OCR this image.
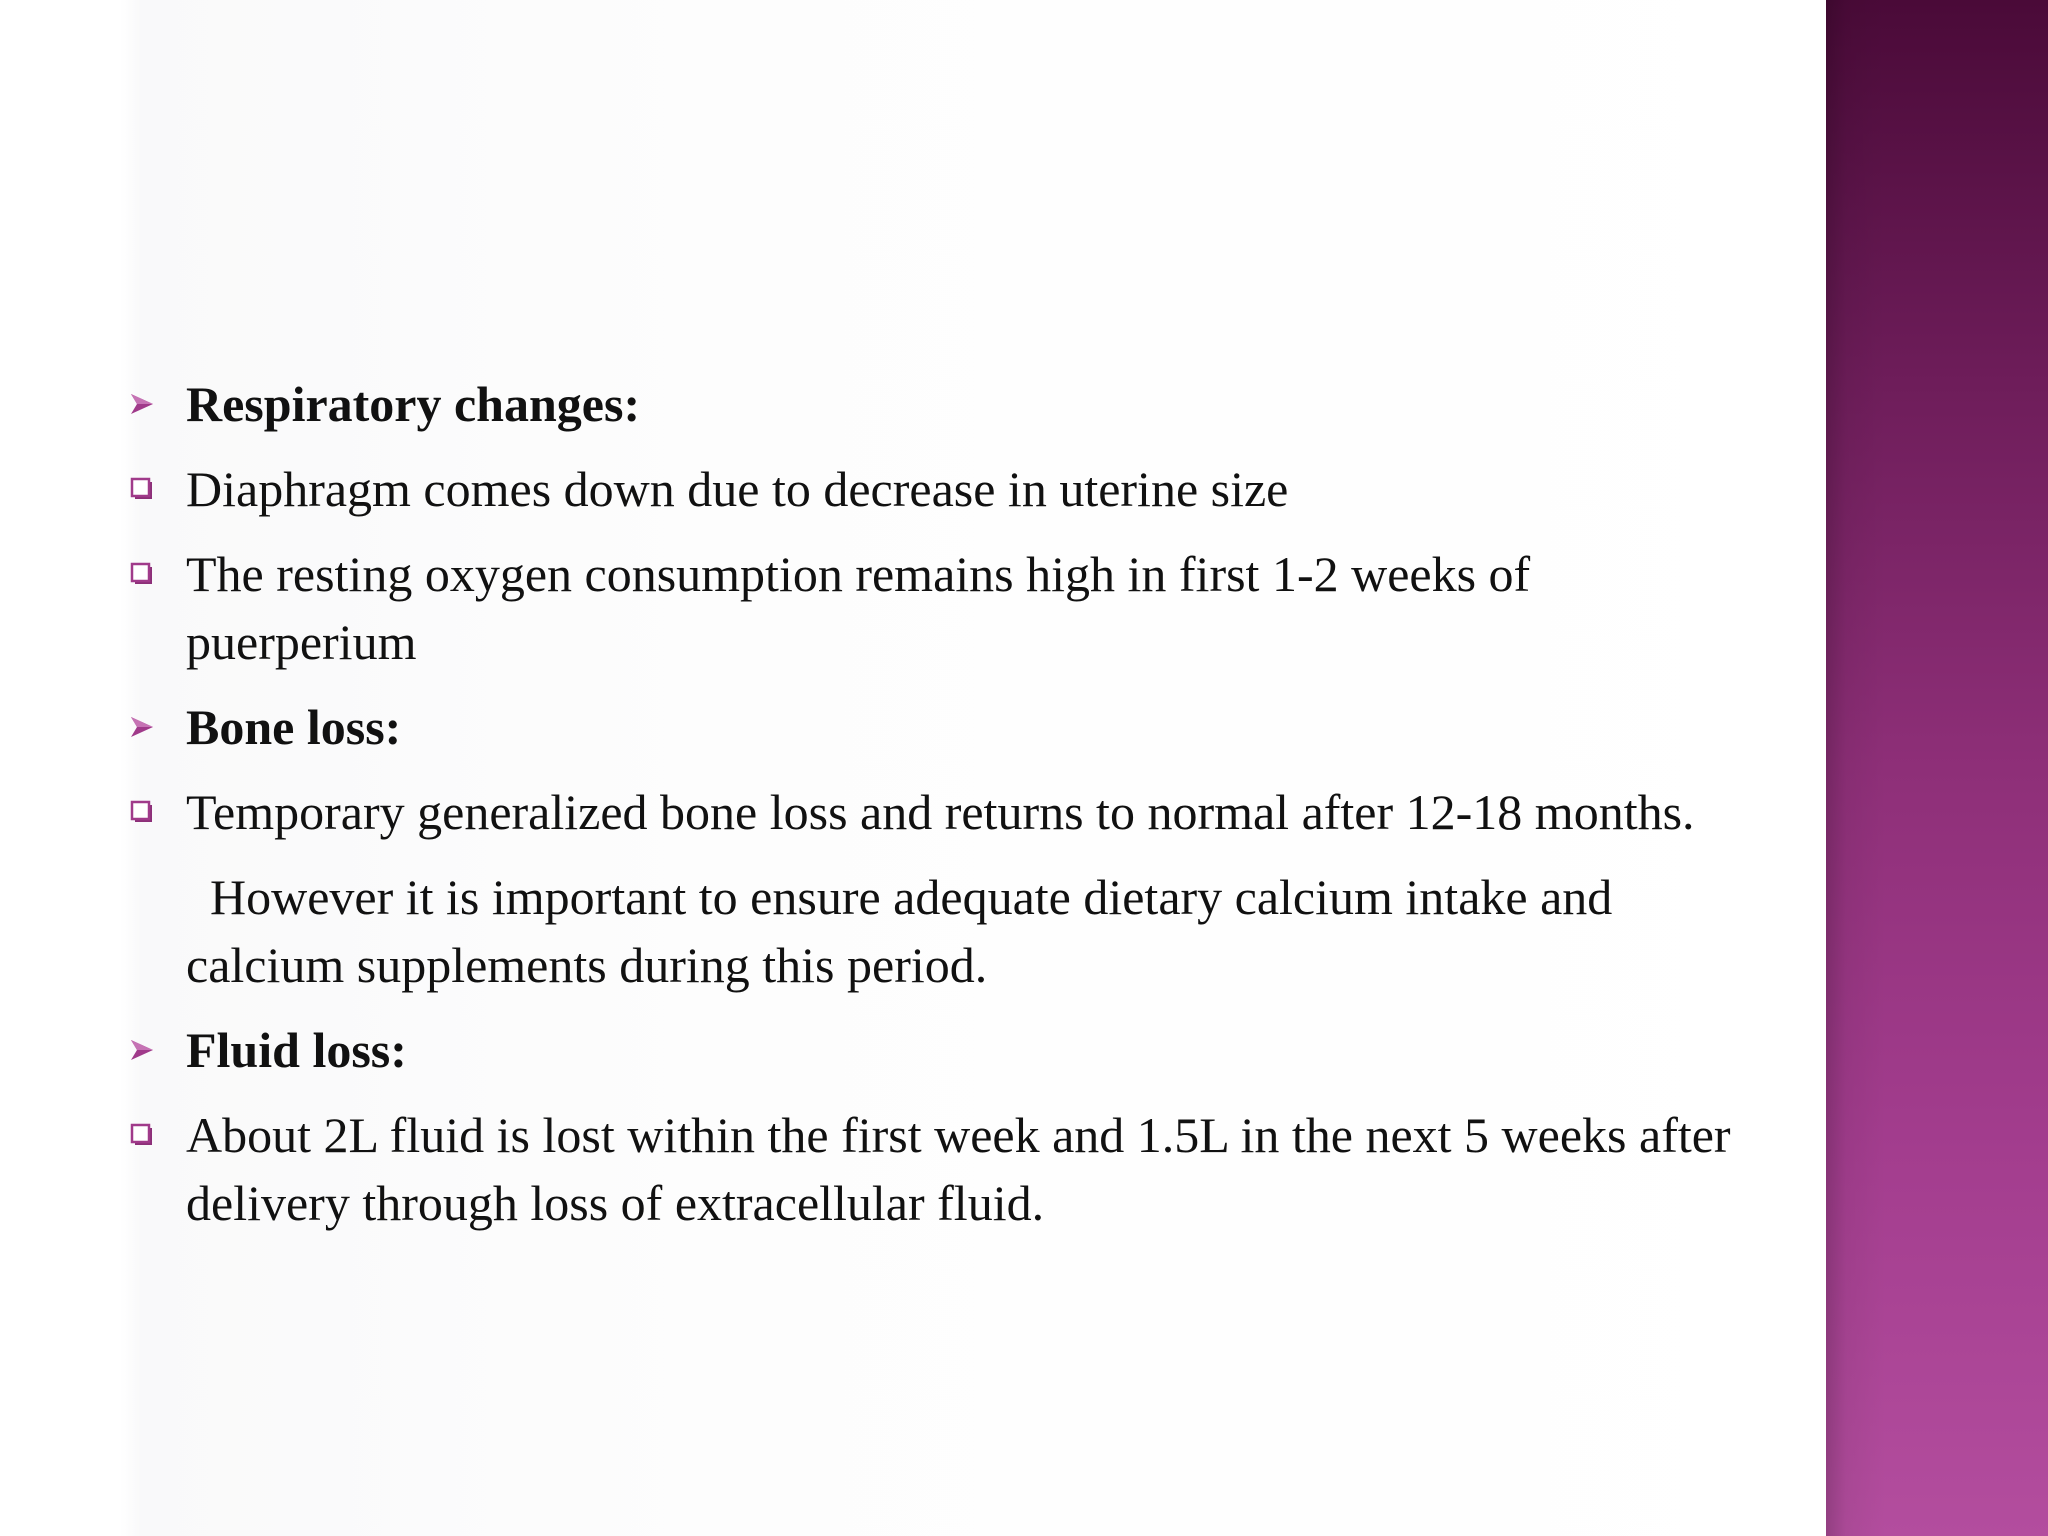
Respiratory changes:
Diaphragm comes down due to decrease in uterine size
The resting oxygen consumption remains high in first 1-2 weeks of puerperium
Bone loss:
Temporary generalized bone loss and returns to normal after 12-18 months.
However it is important to ensure adequate dietary calcium intake and calcium supplements during this period.
Fluid loss:
About 2L fluid is lost within the first week and 1.5L in the next 5 weeks after delivery through loss of extracellular fluid.
